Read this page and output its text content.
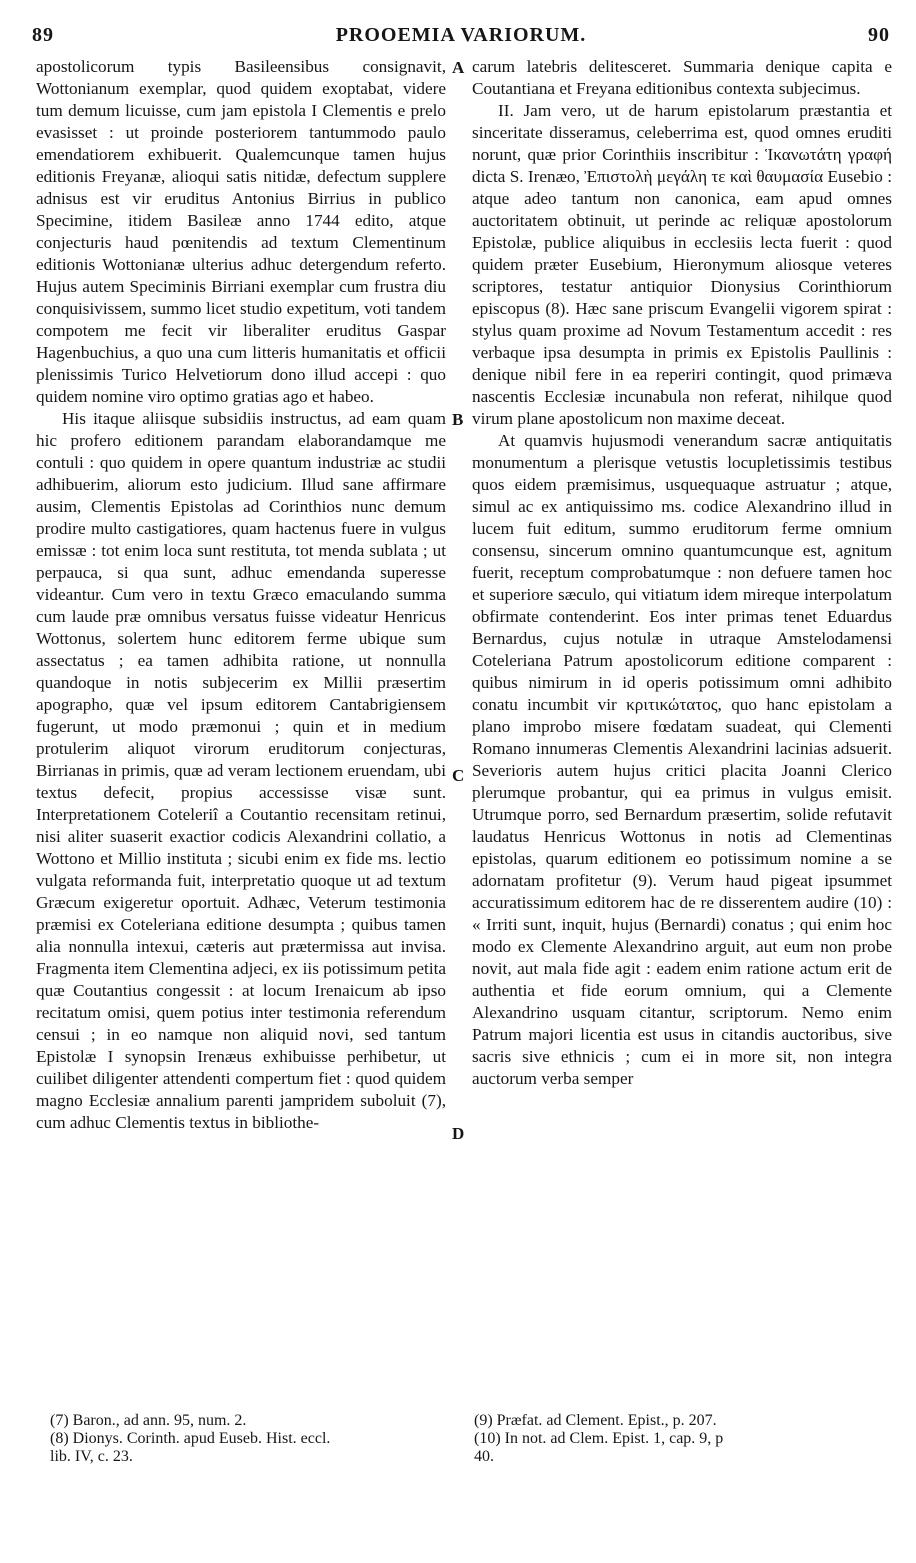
89	PROOEMIA VARIORUM.	90
A
B
C
D

apostolicorum typis Basileensibus consignavit, Wottonianum exemplar, quod quidem exoptabat, videre tum demum licuisse, cum jam epistola I Clementis e prelo evasisset : ut proinde posteriorem tantummodo paulo emendatiorem exhibuerit. Qualemcunque tamen hujus editionis Freyanæ, alioqui satis nitidæ, defectum supplere adnisus est vir eruditus Antonius Birrius in publico Specimine, itidem Basileæ anno 1744 edito, atque conjecturis haud pœnitendis ad textum Clementinum editionis Wottonianæ ulterius adhuc detergendum referto. Hujus autem Speciminis Birriani exemplar cum frustra diu conquisivissem, summo licet studio expetitum, voti tandem compotem me fecit vir liberaliter eruditus Gaspar Hagenbuchius, a quo una cum litteris humanitatis et officii plenissimis Turico Helvetiorum dono illud accepi : quo quidem nomine viro optimo gratias ago et habeo.

His itaque aliisque subsidiis instructus, ad eam quam hic profero editionem parandam elaborandamque me contuli : quo quidem in opere quantum industriæ ac studii adhibuerim, aliorum esto judicium. Illud sane affirmare ausim, Clementis Epistolas ad Corinthios nunc demum prodire multo castigatiores, quam hactenus fuere in vulgus emissæ : tot enim loca sunt restituta, tot menda sublata ; ut perpauca, si qua sunt, adhuc emendanda superesse videantur. Cum vero in textu Græco emaculando summa cum laude præ omnibus versatus fuisse videatur Henricus Wottonus, solertem hunc editorem ferme ubique sum assectatus ; ea tamen adhibita ratione, ut nonnulla quandoque in notis subjecerim ex Millii præsertim apographo, quæ vel ipsum editorem Cantabrigiensem fugerunt, ut modo præmonui ; quin et in medium protulerim aliquot virorum eruditorum conjecturas, Birrianas in primis, quæ ad veram lectionem eruendam, ubi textus defecit, propius accessisse visæ sunt. Interpretationem Coteleriî a Coutantio recensitam retinui, nisi aliter suaserit exactior codicis Alexandrini collatio, a Wottono et Millio instituta ; sicubi enim ex fide ms. lectio vulgata reformanda fuit, interpretatio quoque ut ad textum Græcum exigeretur oportuit. Adhæc, Veterum testimonia præmisi ex Coteleriana editione desumpta ; quibus tamen alia nonnulla intexui, cæteris aut prætermissa aut invisa. Fragmenta item Clementina adjeci, ex iis potissimum petita quæ Coutantius congessit : at locum Irenaicum ab ipso recitatum omisi, quem potius inter testimonia referendum censui ; in eo namque non aliquid novi, sed tantum Epistolæ I synopsin Irenæus exhibuisse perhibetur, ut cuilibet diligenter attendenti compertum fiet : quod quidem magno Ecclesiæ annalium parenti jampridem suboluit (7), cum adhuc Clementis textus in bibliothe-

carum latebris delitesceret. Summaria denique capita e Coutantiana et Freyana editionibus contexta subjecimus.

II. Jam vero, ut de harum epistolarum præstantia et sinceritate disseramus, celeberrima est, quod omnes eruditi norunt, quæ prior Corinthiis inscribitur : Ἱκανωτάτη γραφή dicta S. Irenæo, Ἐπιστολὴ μεγάλη τε καὶ θαυμασία Eusebio : atque adeo tantum non canonica, eam apud omnes auctoritatem obtinuit, ut perinde ac reliquæ apostolorum Epistolæ, publice aliquibus in ecclesiis lecta fuerit : quod quidem præter Eusebium, Hieronymum aliosque veteres scriptores, testatur antiquior Dionysius Corinthiorum episcopus (8). Hæc sane priscum Evangelii vigorem spirat : stylus quam proxime ad Novum Testamentum accedit : res verbaque ipsa desumpta in primis ex Epistolis Paullinis : denique nibil fere in ea reperiri contingit, quod primævа nascentis Ecclesiæ incunabula non referat, nihilque quod virum plane apostolicum non maxime deceat.

At quamvis hujusmodi venerandum sacræ antiquitatis monumentum a plerisque vetustis locupletissimis testibus quos eidem præmisimus, usquequaque astruatur ; atque, simul ac ex antiquissimo ms. codice Alexandrino illud in lucem fuit editum, summo eruditorum ferme omnium consensu, sincerum omnino quantumcunque est, agnitum fuerit, receptum comprobatumque : non defuere tamen hoc et superiore sæculo, qui vitiatum idem mireque interpolatum obfirmate contenderint. Eos inter primas tenet Eduardus Bernardus, cujus notulæ in utraque Amstelodamensi Coteleriana Patrum apostolicorum editione comparent : quibus nimirum in id operis potissimum omni adhibito conatu incumbit vir κριτικώτατος, quo hanc epistolam a plano improbo misere fœdatam suadeat, qui Clementi Romano innumeras Clementis Alexandrini lacinias adsuerit. Severioris autem hujus critici placita Joanni Clerico plerumque probantur, qui ea primus in vulgus emisit. Utrumque porro, sed Bernardum præsertim, solide refutavit laudatus Henricus Wottonus in notis ad Clementinas epistolas, quarum editionem eo potissimum nomine a se adornatam profitetur (9). Verum haud pigeat ipsummet accuratissimum editorem hac de re disserentem audire (10) : « Irriti sunt, inquit, hujus (Bernardi) conatus ; qui enim hoc modo ex Clemente Alexandrino arguit, aut eum non probe novit, aut mala fide agit : eadem enim ratione actum erit de authentia et fide eorum omnium, qui a Clemente Alexandrino usquam citantur, scriptorum. Nemo enim Patrum majori licentia est usus in citandis auctoribus, sive sacris sive ethnicis ; cum ei in more sit, non integra auctorum verba semper

(7) Baron., ad ann. 95, num. 2.
(8) Dionys. Corinth. apud Euseb. Hist. eccl.
lib. IV, c. 23.
(9) Præfat. ad Clement. Epist., p. 207.
(10) In not. ad Clem. Epist. 1, cap. 9, p
40.
